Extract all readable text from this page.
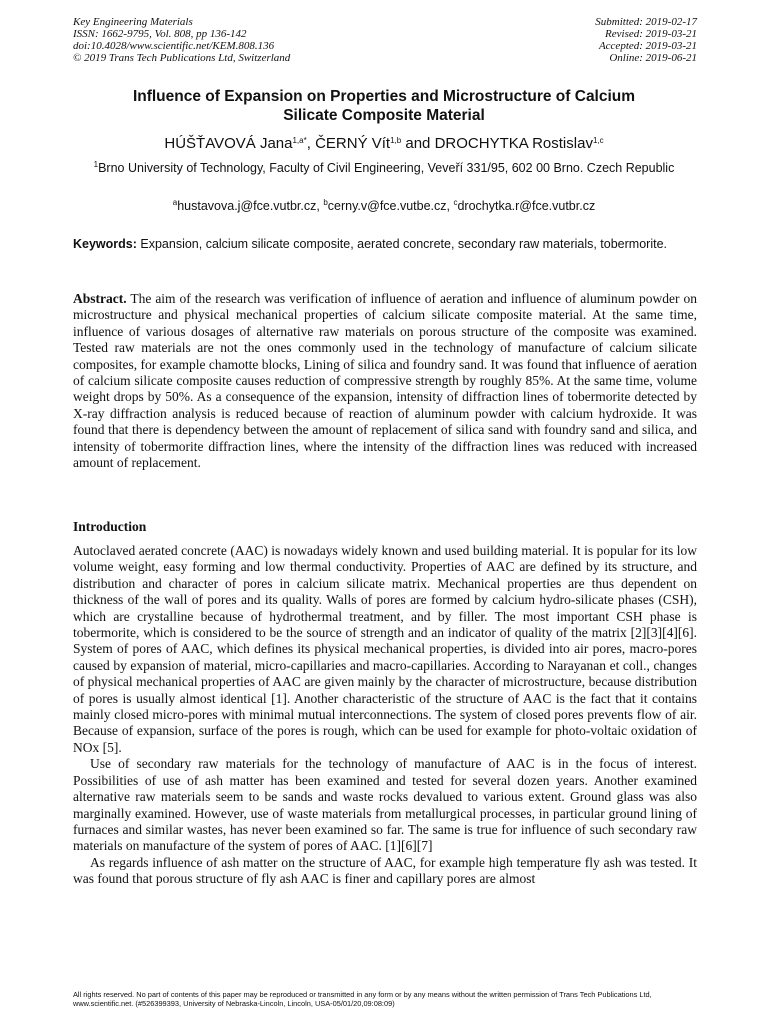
Key Engineering Materials	Submitted: 2019-02-17
ISSN: 1662-9795, Vol. 808, pp 136-142	Revised: 2019-03-21
doi:10.4028/www.scientific.net/KEM.808.136	Accepted: 2019-03-21
© 2019 Trans Tech Publications Ltd, Switzerland	Online: 2019-06-21
Influence of Expansion on Properties and Microstructure of Calcium
Silicate Composite Material
HÚŠŤAVOVÁ Jana$^{1,a*}$, ČERNÝ Vít$^{1,b}$ and DROCHYTKA Rostislav$^{1,c}$
$^1$Brno University of Technology, Faculty of Civil Engineering, Veveří 331/95, 602 00 Brno. Czech Republic
$^a$hustavova.j@fce.vutbr.cz, $^b$cerny.v@fce.vutbe.cz, $^c$drochytka.r@fce.vutbr.cz
Keywords: Expansion, calcium silicate composite, aerated concrete, secondary raw materials, tobermorite.
Abstract. The aim of the research was verification of influence of aeration and influence of aluminum powder on microstructure and physical mechanical properties of calcium silicate composite material. At the same time, influence of various dosages of alternative raw materials on porous structure of the composite was examined. Tested raw materials are not the ones commonly used in the technology of manufacture of calcium silicate composites, for example chamotte blocks, Lining of silica and foundry sand. It was found that influence of aeration of calcium silicate composite causes reduction of compressive strength by roughly 85%. At the same time, volume weight drops by 50%. As a consequence of the expansion, intensity of diffraction lines of tobermorite detected by X-ray diffraction analysis is reduced because of reaction of aluminum powder with calcium hydroxide. It was found that there is dependency between the amount of replacement of silica sand with foundry sand and silica, and intensity of tobermorite diffraction lines, where the intensity of the diffraction lines was reduced with increased amount of replacement.
Introduction

Autoclaved aerated concrete (AAC) is nowadays widely known and used building material. It is popular for its low volume weight, easy forming and low thermal conductivity. Properties of AAC are defined by its structure, and distribution and character of pores in calcium silicate matrix. Mechanical properties are thus dependent on thickness of the wall of pores and its quality. Walls of pores are formed by calcium hydro-silicate phases (CSH), which are crystalline because of hydrothermal treatment, and by filler. The most important CSH phase is tobermorite, which is considered to be the source of strength and an indicator of quality of the matrix [2][3][4][6]. System of pores of AAC, which defines its physical mechanical properties, is divided into air pores, macro-pores caused by expansion of material, micro-capillaries and macro-capillaries. According to Narayanan et coll., changes of physical mechanical properties of AAC are given mainly by the character of microstructure, because distribution of pores is usually almost identical [1]. Another characteristic of the structure of AAC is the fact that it contains mainly closed micro-pores with minimal mutual interconnections. The system of closed pores prevents flow of air. Because of expansion, surface of the pores is rough, which can be used for example for photo-voltaic oxidation of NOx [5].

Use of secondary raw materials for the technology of manufacture of AAC is in the focus of interest. Possibilities of use of ash matter has been examined and tested for several dozen years. Another examined alternative raw materials seem to be sands and waste rocks devalued to various extent. Ground glass was also marginally examined. However, use of waste materials from metallurgical processes, in particular ground lining of furnaces and similar wastes, has never been examined so far. The same is true for influence of such secondary raw materials on manufacture of the system of pores of AAC. [1][6][7]

As regards influence of ash matter on the structure of AAC, for example high temperature fly ash was tested. It was found that porous structure of fly ash AAC is finer and capillary pores are almost

All rights reserved. No part of contents of this paper may be reproduced or transmitted in any form or by any means without the written permission of Trans Tech Publications Ltd, www.scientific.net. (#526399393, University of Nebraska-Lincoln, Lincoln, USA-05/01/20,09:08:09)
